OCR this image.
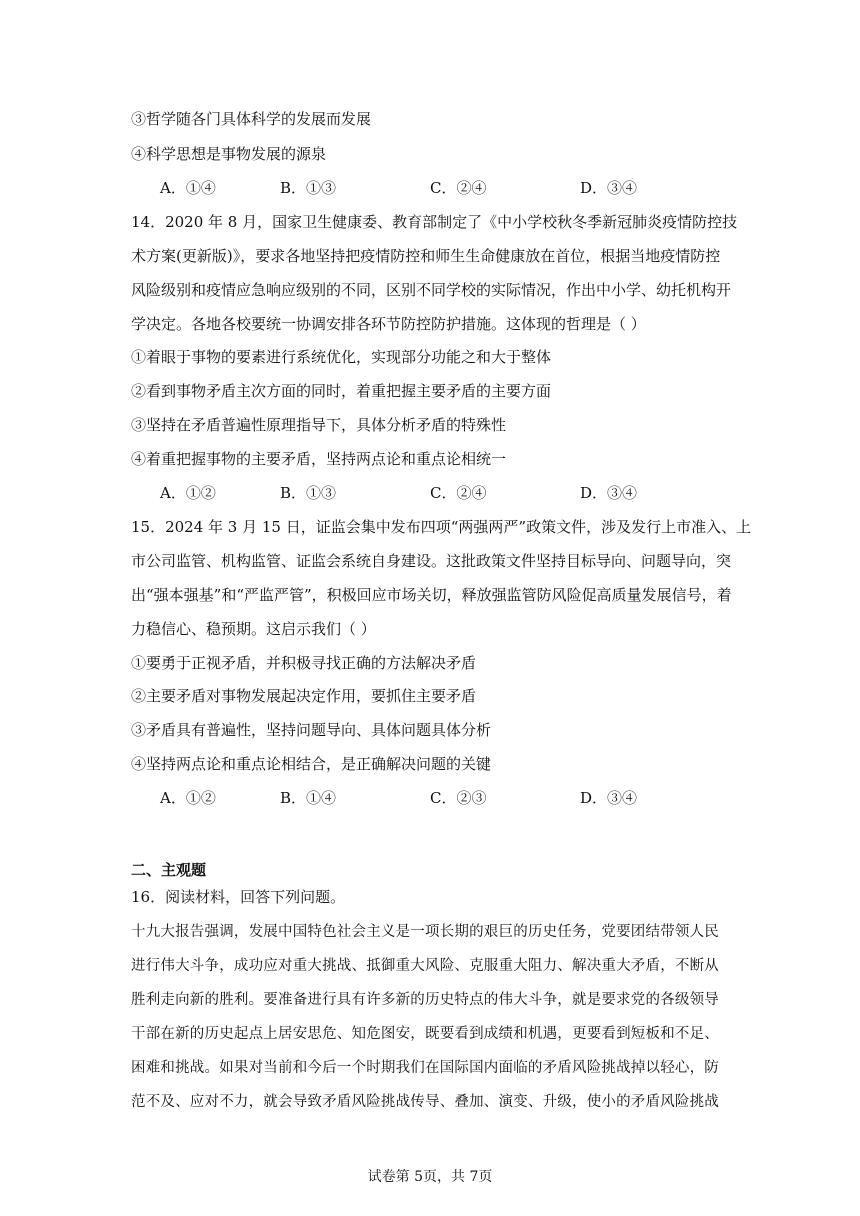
③哲学随各门具体科学的发展而发展
④科学思想是事物发展的源泉
A．①④	B．①③	C．②④	D．③④
14．2020 年 8 月，国家卫生健康委、教育部制定了《中小学校秋冬季新冠肺炎疫情防控技
术方案(更新版)》，要求各地坚持把疫情防控和师生生命健康放在首位，根据当地疫情防控
风险级别和疫情应急响应级别的不同，区别不同学校的实际情况，作出中小学、幼托机构开
学决定。各地各校要统一协调安排各环节防控防护措施。这体现的哲理是（ ）
①着眼于事物的要素进行系统优化，实现部分功能之和大于整体
②看到事物矛盾主次方面的同时，着重把握主要矛盾的主要方面
③坚持在矛盾普遍性原理指导下，具体分析矛盾的特殊性
④着重把握事物的主要矛盾，坚持两点论和重点论相统一
A．①②	B．①③	C．②④	D．③④
15．2024 年 3 月 15 日，证监会集中发布四项“两强两严”政策文件，涉及发行上市准入、上
市公司监管、机构监管、证监会系统自身建设。这批政策文件坚持目标导向、问题导向，突
出“强本强基”和“严监严管”，积极回应市场关切，释放强监管防风险促高质量发展信号，着
力稳信心、稳预期。这启示我们（ ）
①要勇于正视矛盾，并积极寻找正确的方法解决矛盾
②主要矛盾对事物发展起决定作用，要抓住主要矛盾
③矛盾具有普遍性，坚持问题导向、具体问题具体分析
④坚持两点论和重点论相结合，是正确解决问题的关键
A．①②	B．①④	C．②③	D．③④
二、主观题
16．阅读材料，回答下列问题。
十九大报告强调，发展中国特色社会主义是一项长期的艰巨的历史任务，党要团结带领人民
进行伟大斗争，成功应对重大挑战、抵御重大风险、克服重大阻力、解决重大矛盾，不断从
胜利走向新的胜利。要准备进行具有许多新的历史特点的伟大斗争，就是要求党的各级领导
干部在新的历史起点上居安思危、知危图安，既要看到成绩和机遇，更要看到短板和不足、
困难和挑战。如果对当前和今后一个时期我们在国际国内面临的矛盾风险挑战掉以轻心，防
范不及、应对不力，就会导致矛盾风险挑战传导、叠加、演变、升级，使小的矛盾风险挑战
试卷第 5页，共 7页
